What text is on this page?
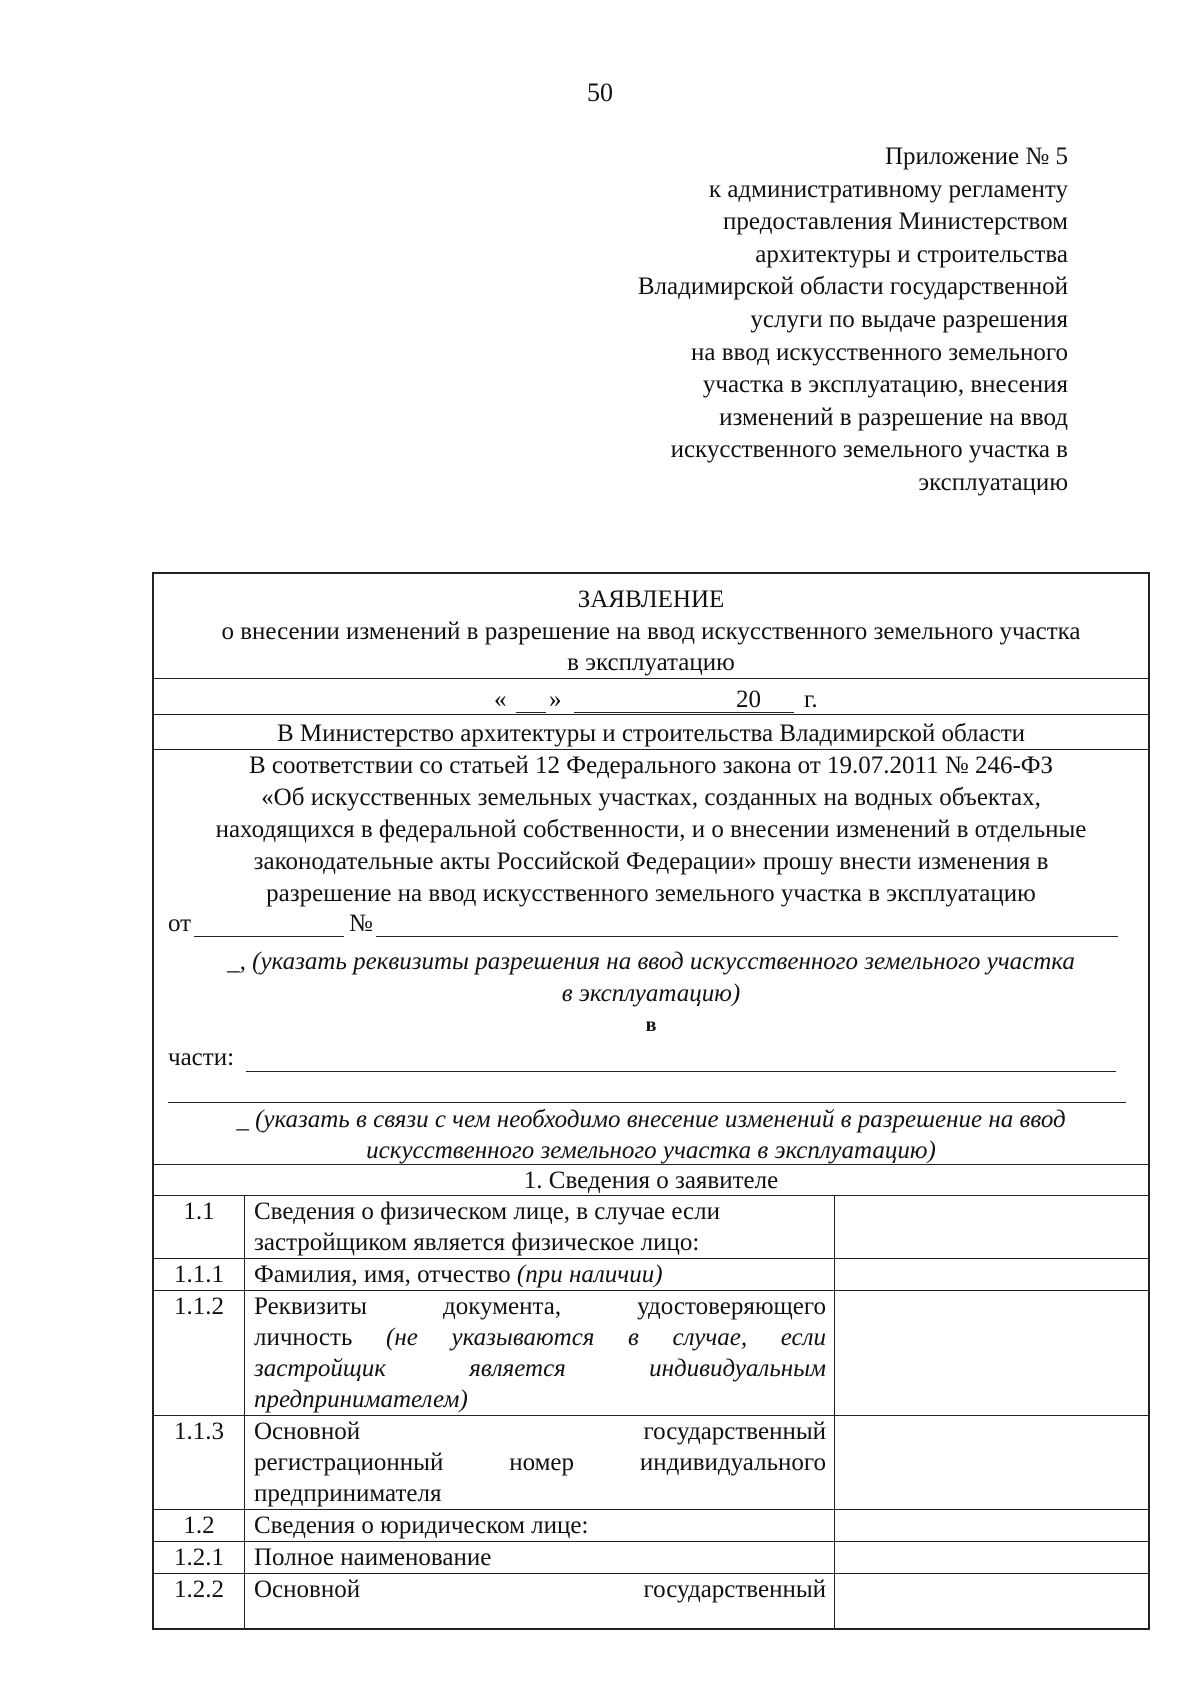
50
Приложение № 5
к административному регламенту
предоставления Министерством
архитектуры и строительства
Владимирской области государственной
услуги по выдаче разрешения
на ввод искусственного земельного
участка в эксплуатацию, внесения
изменений в разрешение на ввод
искусственного земельного участка в
эксплуатацию
ЗАЯВЛЕНИЕ
о внесении изменений в разрешение на ввод искусственного земельного участка
в эксплуатацию
« »	20 г.
В Министерство архитектуры и строительства Владимирской области
В соответствии со статьей 12 Федерального закона от 19.07.2011 № 246-ФЗ
«Об искусственных земельных участках, созданных на водных объектах,
находящихся в федеральной собственности, и о внесении изменений в отдельные
законодательные акты Российской Федерации» прошу внести изменения в
разрешение на ввод искусственного земельного участка в эксплуатацию
от	№
_, (указать реквизиты разрешения на ввод искусственного земельного участка
в эксплуатацию)
в
части:
_ (указать в связи с чем необходимо внесение изменений в разрешение на ввод
искусственного земельного участка в эксплуатацию)
1. Сведения о заявителе
1.1	Сведения о физическом лице, в случае если
застройщиком является физическое лицо:
1.1.1	Фамилия, имя, отчество (при наличии)
1.1.2	Реквизиты документа, удостоверяющего
личность (не указываются в случае, если
застройщик является индивидуальным
предпринимателем)
1.1.3	Основной государственный
регистрационный номер индивидуального
предпринимателя
1.2	Сведения о юридическом лице:
1.2.1	Полное наименование
1.2.2	Основной государственный
